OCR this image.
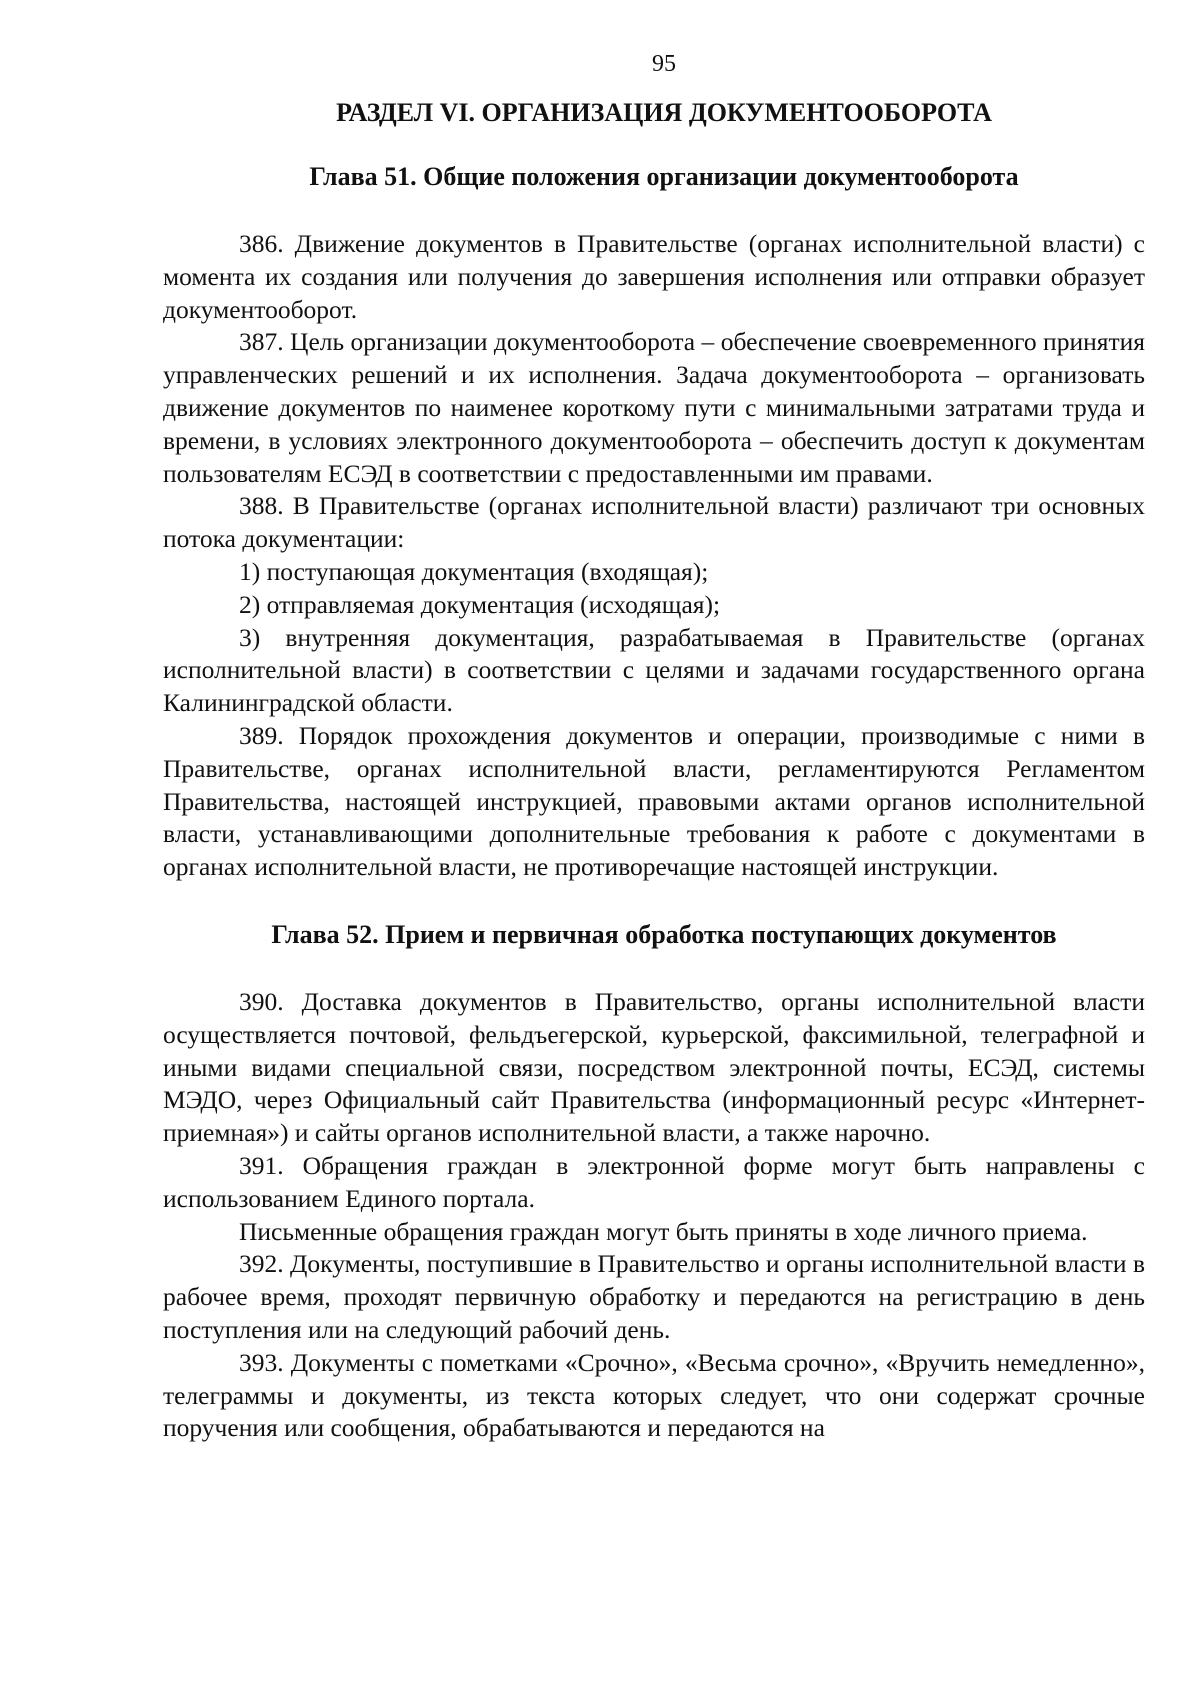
95
РАЗДЕЛ VI. ОРГАНИЗАЦИЯ ДОКУМЕНТООБОРОТА
Глава 51. Общие положения организации документооборота

386. Движение документов в Правительстве (органах исполнительной власти) с момента их создания или получения до завершения исполнения или отправки образует документооборот.

387. Цель организации документооборота – обеспечение своевременного принятия управленческих решений и их исполнения. Задача документооборота – организовать движение документов по наименее короткому пути с минимальными затратами труда и времени, в условиях электронного документооборота – обеспечить доступ к документам пользователям ЕСЭД в соответствии с предоставленными им правами.

388. В Правительстве (органах исполнительной власти) различают три основных потока документации:

1) поступающая документация (входящая);

2) отправляемая документация (исходящая);

3) внутренняя документация, разрабатываемая в Правительстве (органах исполнительной власти) в соответствии с целями и задачами государственного органа Калининградской области.

389. Порядок прохождения документов и операции, производимые с ними в Правительстве, органах исполнительной власти, регламентируются Регламентом Правительства, настоящей инструкцией, правовыми актами органов исполнительной власти, устанавливающими дополнительные требования к работе с документами в органах исполнительной власти, не противоречащие настоящей инструкции.

Глава 52. Прием и первичная обработка поступающих документов

390. Доставка документов в Правительство, органы исполнительной власти осуществляется почтовой, фельдъегерской, курьерской, факсимильной, телеграфной и иными видами специальной связи, посредством электронной почты, ЕСЭД, системы МЭДО, через Официальный сайт Правительства (информационный ресурс «Интернет-приемная») и сайты органов исполнительной власти, а также нарочно.

391. Обращения граждан в электронной форме могут быть направлены с использованием Единого портала.

Письменные обращения граждан могут быть приняты в ходе личного приема.

392. Документы, поступившие в Правительство и органы исполнительной власти в рабочее время, проходят первичную обработку и передаются на регистрацию в день поступления или на следующий рабочий день.

393. Документы с пометками «Срочно», «Весьма срочно», «Вручить немедленно», телеграммы и документы, из текста которых следует, что они содержат срочные поручения или сообщения, обрабатываются и передаются на
